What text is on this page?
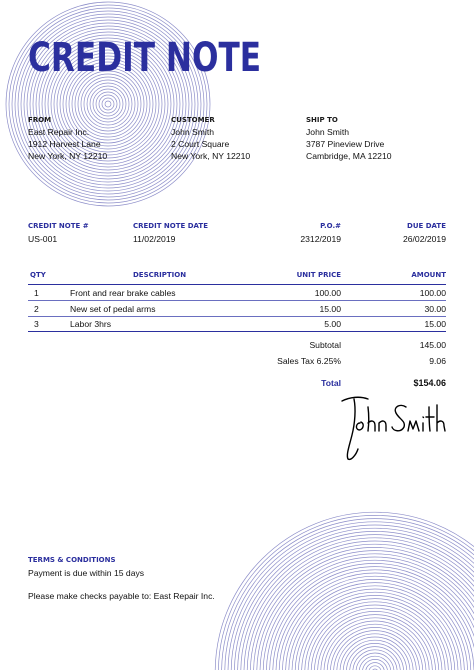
CREDIT NOTE
FROM
East Repair Inc.
1912 Harvest Lane
New York, NY 12210
CUSTOMER
John Smith
2 Court Square
New York, NY 12210
SHIP TO
John Smith
3787 Pineview Drive
Cambridge, MA 12210
CREDIT NOTE #
US-001
CREDIT NOTE DATE
11/02/2019
P.O.#
2312/2019
DUE DATE
26/02/2019
QTY	DESCRIPTION	UNIT PRICE	AMOUNT
1	Front and rear brake cables	100.00	100.00
2	New set of pedal arms	15.00	30.00
3	Labor 3hrs	5.00	15.00
Subtotal	145.00
Sales Tax 6.25%	9.06
Total	$154.06
TERMS & CONDITIONS
Payment is due within 15 days
Please make checks payable to: East Repair Inc.
